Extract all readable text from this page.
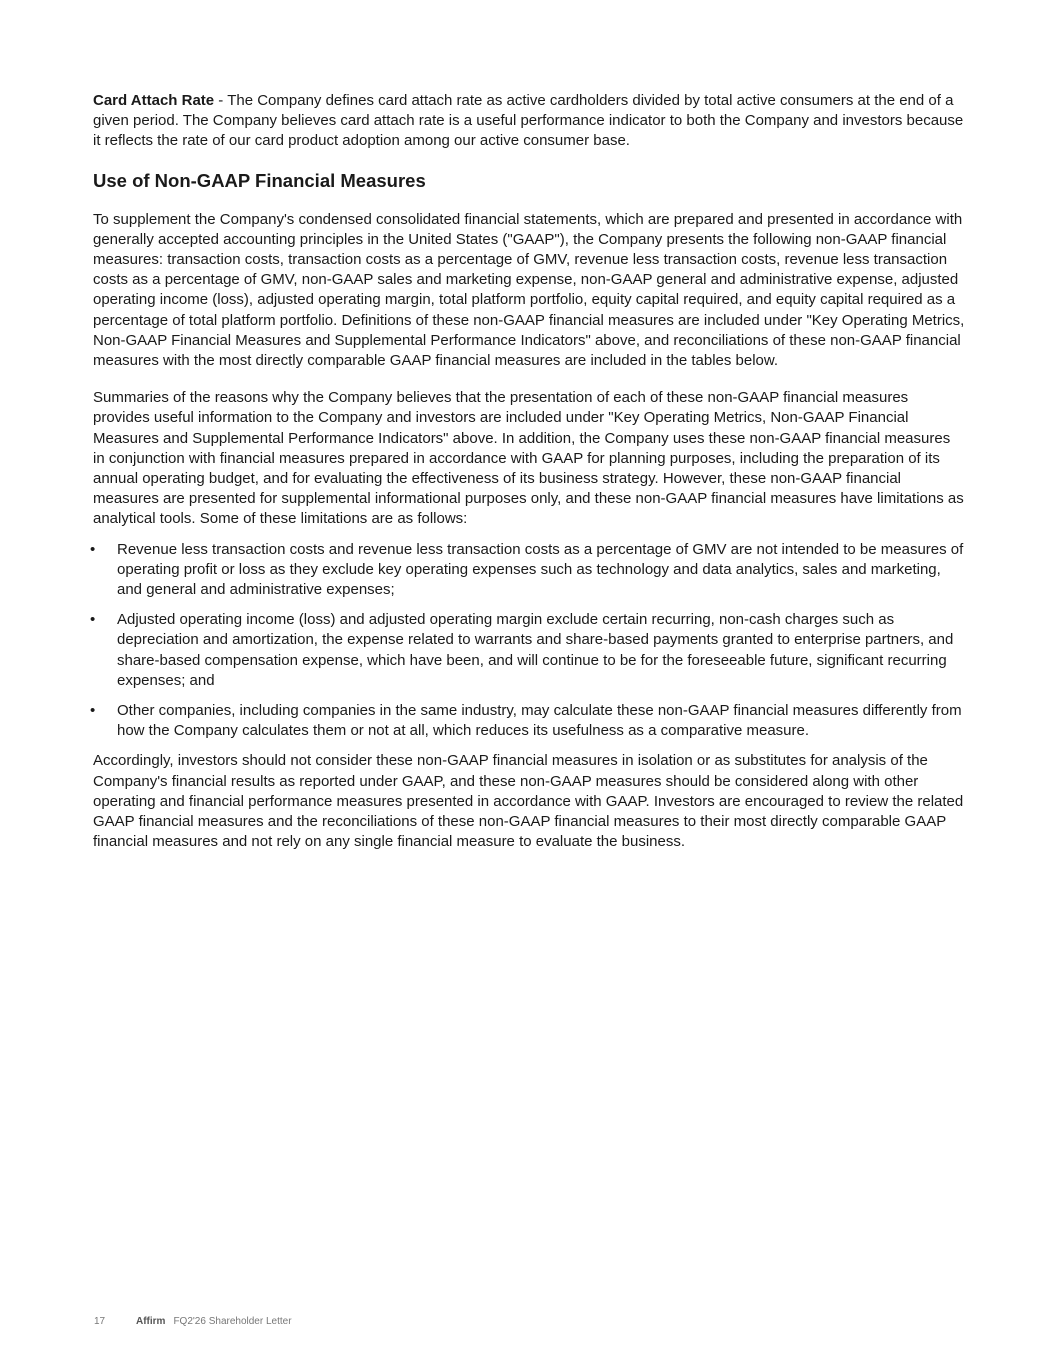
Card Attach Rate - The Company defines card attach rate as active cardholders divided by total active consumers at the end of a given period. The Company believes card attach rate is a useful performance indicator to both the Company and investors because it reflects the rate of our card product adoption among our active consumer base.

Use of Non-GAAP Financial Measures

To supplement the Company's condensed consolidated financial statements, which are prepared and presented in accordance with generally accepted accounting principles in the United States ("GAAP"), the Company presents the following non-GAAP financial measures: transaction costs, transaction costs as a percentage of GMV, revenue less transaction costs, revenue less transaction costs as a percentage of GMV, non-GAAP sales and marketing expense, non-GAAP general and administrative expense, adjusted operating income (loss), adjusted operating margin, total platform portfolio, equity capital required, and equity capital required as a percentage of total platform portfolio. Definitions of these non-GAAP financial measures are included under "Key Operating Metrics, Non-GAAP Financial Measures and Supplemental Performance Indicators" above, and reconciliations of these non-GAAP financial measures with the most directly comparable GAAP financial measures are included in the tables below.

Summaries of the reasons why the Company believes that the presentation of each of these non-GAAP financial measures provides useful information to the Company and investors are included under "Key Operating Metrics, Non-GAAP Financial Measures and Supplemental Performance Indicators" above. In addition, the Company uses these non-GAAP financial measures in conjunction with financial measures prepared in accordance with GAAP for planning purposes, including the preparation of its annual operating budget, and for evaluating the effectiveness of its business strategy. However, these non-GAAP financial measures are presented for supplemental informational purposes only, and these non-GAAP financial measures have limitations as analytical tools. Some of these limitations are as follows:

• Revenue less transaction costs and revenue less transaction costs as a percentage of GMV are not intended to be measures of operating profit or loss as they exclude key operating expenses such as technology and data analytics, sales and marketing, and general and administrative expenses;
• Adjusted operating income (loss) and adjusted operating margin exclude certain recurring, non-cash charges such as depreciation and amortization, the expense related to warrants and share-based payments granted to enterprise partners, and share-based compensation expense, which have been, and will continue to be for the foreseeable future, significant recurring expenses; and
• Other companies, including companies in the same industry, may calculate these non-GAAP financial measures differently from how the Company calculates them or not at all, which reduces its usefulness as a comparative measure.

Accordingly, investors should not consider these non-GAAP financial measures in isolation or as substitutes for analysis of the Company's financial results as reported under GAAP, and these non-GAAP measures should be considered along with other operating and financial performance measures presented in accordance with GAAP. Investors are encouraged to review the related GAAP financial measures and the reconciliations of these non-GAAP financial measures to their most directly comparable GAAP financial measures and not rely on any single financial measure to evaluate the business.

17	Affirm FQ2'26 Shareholder Letter
